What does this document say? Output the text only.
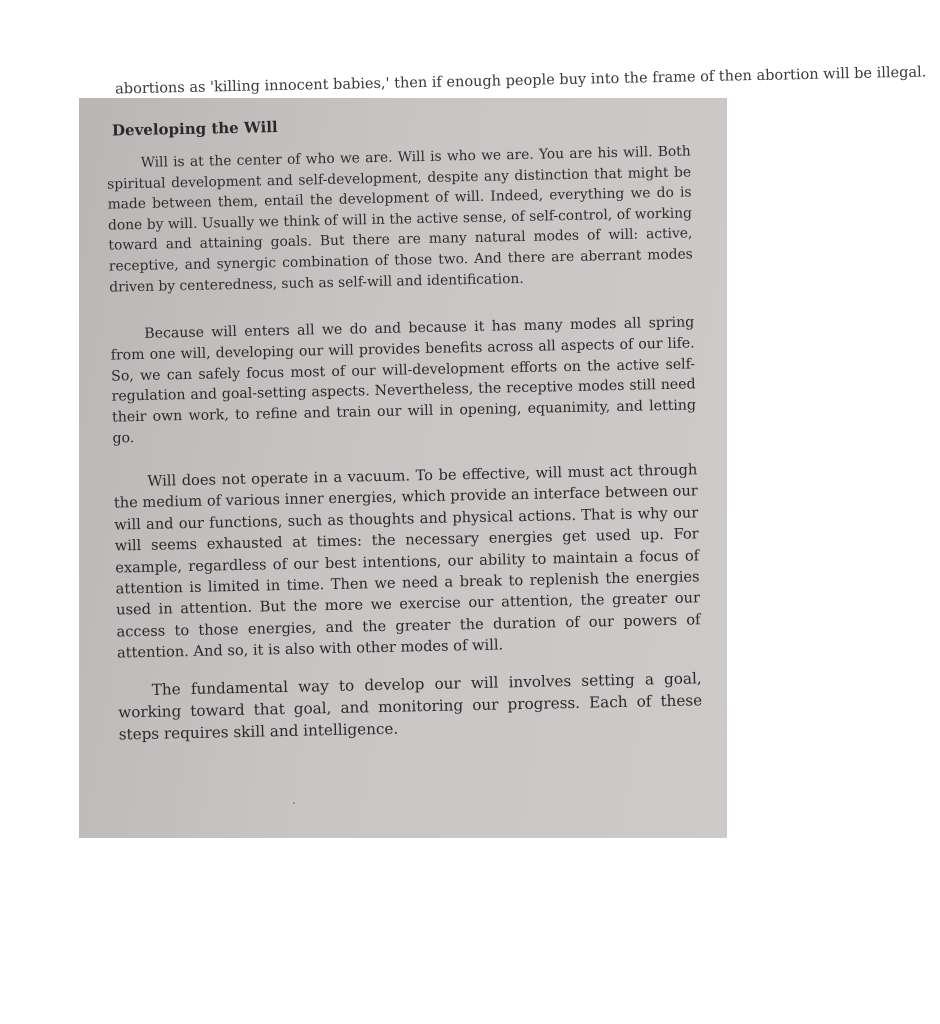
abortions as 'killing innocent babies,' then if enough people buy into the frame of then abortion will be illegal.
Developing the Will

Will is at the center of who we are. Will is who we are. You are his will. Both spiritual development and self-development, despite any distinction that might be made between them, entail the development of will. Indeed, everything we do is done by will. Usually we think of will in the active sense, of self-control, of working toward and attaining goals. But there are many natural modes of will: active, receptive, and synergic combination of those two. And there are aberrant modes driven by centeredness, such as self-will and identification.

Because will enters all we do and because it has many modes all spring from one will, developing our will provides benefits across all aspects of our life. So, we can safely focus most of our will-development efforts on the active self-regulation and goal-setting aspects. Nevertheless, the receptive modes still need their own work, to refine and train our will in opening, equanimity, and letting go.

Will does not operate in a vacuum. To be effective, will must act through the medium of various inner energies, which provide an interface between our will and our functions, such as thoughts and physical actions. That is why our will seems exhausted at times: the necessary energies get used up. For example, regardless of our best intentions, our ability to maintain a focus of attention is limited in time. Then we need a break to replenish the energies used in attention. But the more we exercise our attention, the greater our access to those energies, and the greater the duration of our powers of attention. And so, it is also with other modes of will.

The fundamental way to develop our will involves setting a goal, working toward that goal, and monitoring our progress. Each of these steps requires skill and intelligence.
